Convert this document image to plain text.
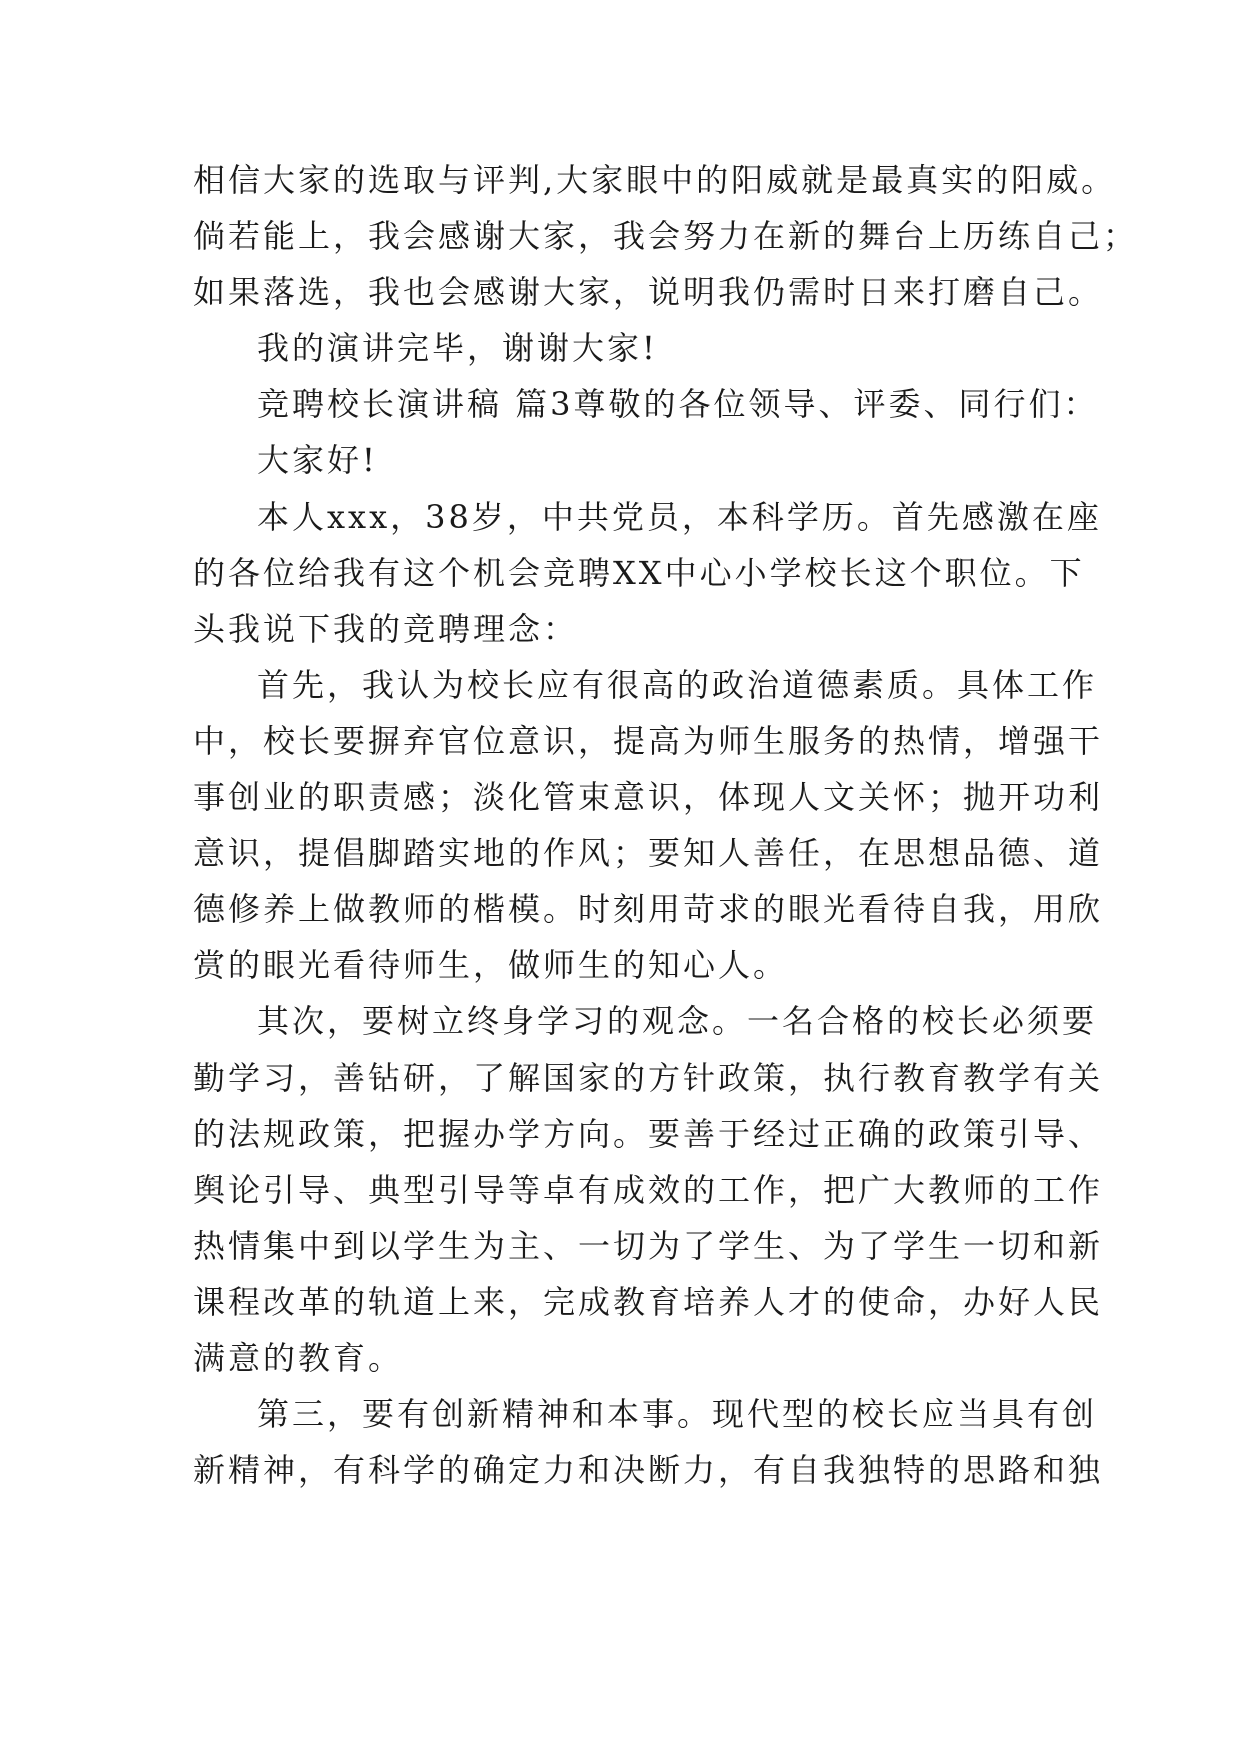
相信大家的选取与评判,大家眼中的阳威就是最真实的阳威。
倘若能上，我会感谢大家，我会努力在新的舞台上历练自己；
如果落选，我也会感谢大家，说明我仍需时日来打磨自己。
我的演讲完毕，谢谢大家!
竞聘校长演讲稿 篇3尊敬的各位领导、评委、同行们：
大家好!
本人xxx，38岁，中共党员，本科学历。首先感激在座
的各位给我有这个机会竞聘XX中心小学校长这个职位。下
头我说下我的竞聘理念：
首先，我认为校长应有很高的政治道德素质。具体工作
中，校长要摒弃官位意识，提高为师生服务的热情，增强干
事创业的职责感；淡化管束意识，体现人文关怀；抛开功利
意识，提倡脚踏实地的作风；要知人善任，在思想品德、道
德修养上做教师的楷模。时刻用苛求的眼光看待自我，用欣
赏的眼光看待师生，做师生的知心人。
其次，要树立终身学习的观念。一名合格的校长必须要
勤学习，善钻研，了解国家的方针政策，执行教育教学有关
的法规政策，把握办学方向。要善于经过正确的政策引导、
舆论引导、典型引导等卓有成效的工作，把广大教师的工作
热情集中到以学生为主、一切为了学生、为了学生一切和新
课程改革的轨道上来，完成教育培养人才的使命，办好人民
满意的教育。
第三，要有创新精神和本事。现代型的校长应当具有创
新精神，有科学的确定力和决断力，有自我独特的思路和独
